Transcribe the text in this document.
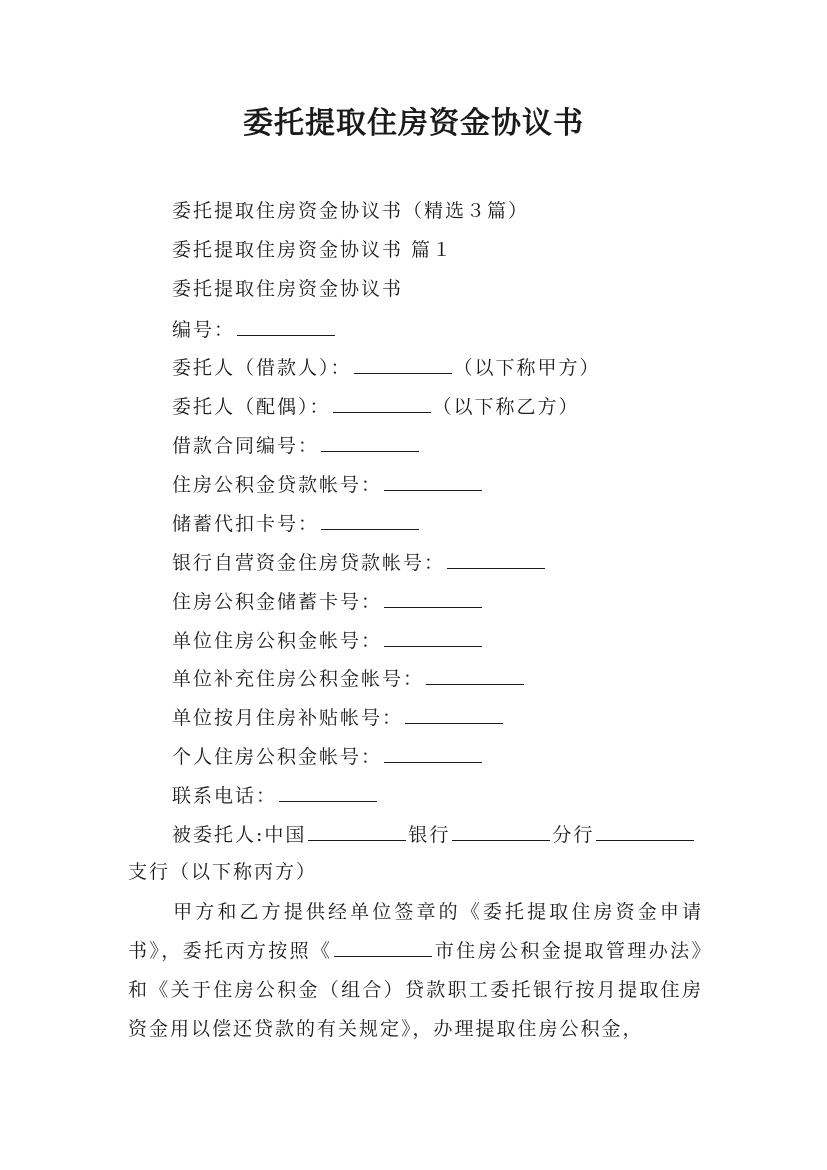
委托提取住房资金协议书
委托提取住房资金协议书（精选３篇）
委托提取住房资金协议书 篇１
委托提取住房资金协议书
编号：
委托人（借款人）：	（以下称甲方）
委托人（配偶）：	（以下称乙方）
借款合同编号：
住房公积金贷款帐号：
储蓄代扣卡号：
银行自营资金住房贷款帐号：
住房公积金储蓄卡号：
单位住房公积金帐号：
单位补充住房公积金帐号：
单位按月住房补贴帐号：
个人住房公积金帐号：
联系电话：
被委托人:中国	银行	分行
支行（以下称丙方）
甲方和乙方提供经单位签章的《委托提取住房资金申请书》，委托丙方按照《	市住房公积金提取管理办法》和《关于住房公积金（组合）贷款职工委托银行按月提取住房资金用以偿还贷款的有关规定》，办理提取住房公积金，
